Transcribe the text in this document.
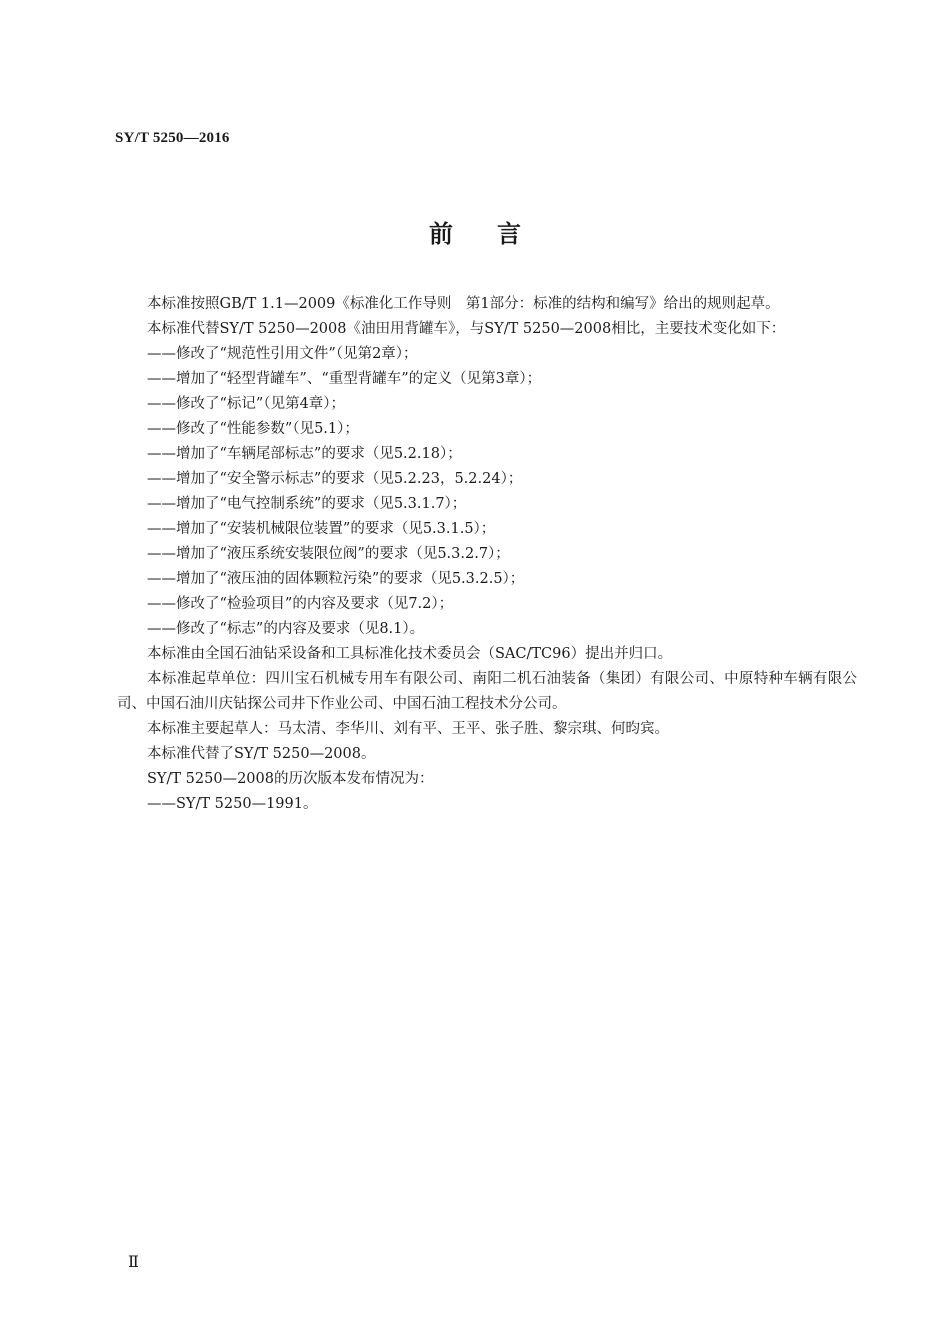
SY/T 5250—2016
前言

本标准按照GB/T 1.1—2009《标准化工作导则　第1部分：标准的结构和编写》给出的规则起草。

本标准代替SY/T 5250—2008《油田用背罐车》，与SY/T 5250—2008相比，主要技术变化如下：

——修改了“规范性引用文件”（见第2章）；
——增加了“轻型背罐车”、“重型背罐车”的定义（见第3章）；
——修改了“标记”（见第4章）；
——修改了“性能参数”（见5.1）；
——增加了“车辆尾部标志”的要求（见5.2.18）；
——增加了“安全警示标志”的要求（见5.2.23，5.2.24）；
——增加了“电气控制系统”的要求（见5.3.1.7）；
——增加了“安装机械限位装置”的要求（见5.3.1.5）；
——增加了“液压系统安装限位阀”的要求（见5.3.2.7）；
——增加了“液压油的固体颗粒污染”的要求（见5.3.2.5）；
——修改了“检验项目”的内容及要求（见7.2）；
——修改了“标志”的内容及要求（见8.1）。

本标准由全国石油钻采设备和工具标准化技术委员会（SAC/TC96）提出并归口。

本标准起草单位：四川宝石机械专用车有限公司、南阳二机石油装备（集团）有限公司、中原特种车辆有限公司、中国石油川庆钻探公司井下作业公司、中国石油工程技术分公司。

本标准主要起草人：马太清、李华川、刘有平、王平、张子胜、黎宗琪、何昀宾。

本标准代替了SY/T 5250—2008。

SY/T 5250—2008的历次版本发布情况为：

——SY/T 5250—1991。

Ⅱ
